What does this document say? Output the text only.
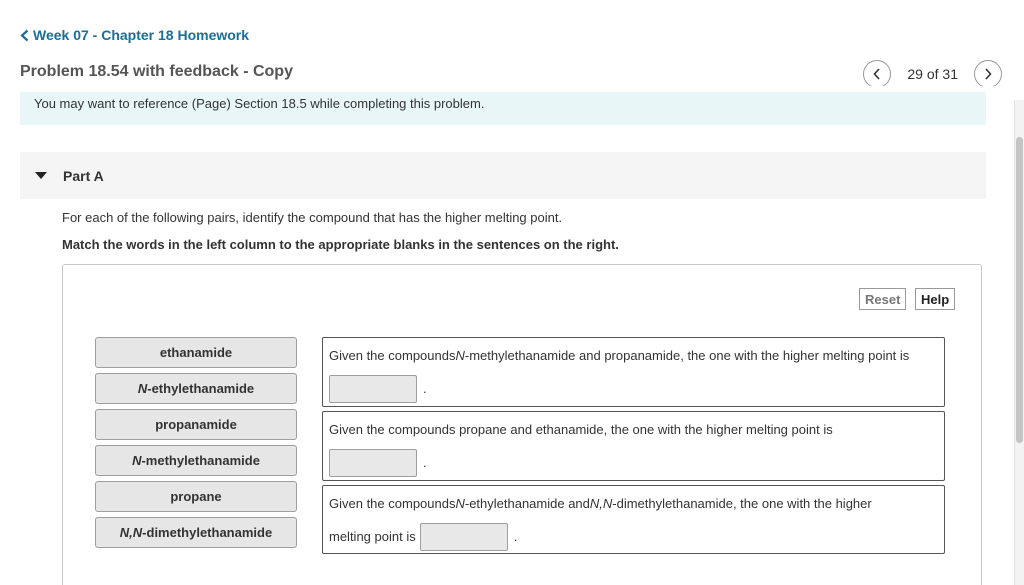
Week 07 - Chapter 18 Homework
Problem 18.54 with feedback - Copy	29 of 31
You may want to reference (Page) Section 18.5 while completing this problem.
Part A
For each of the following pairs, identify the compound that has the higher melting point.
Match the words in the left column to the appropriate blanks in the sentences on the right.
Reset	Help
ethanamide
N -ethylethanamide
propanamide
N -methylethanamide
propane
N,N -dimethylethanamide
Given the compounds N -methylethanamide and propanamide, the one with the higher melting point is
.
Given the compounds propane and ethanamide, the one with the higher melting point is
.
Given the compounds N -ethylethanamide and N,N -dimethylethanamide, the one with the higher
melting point is	.
